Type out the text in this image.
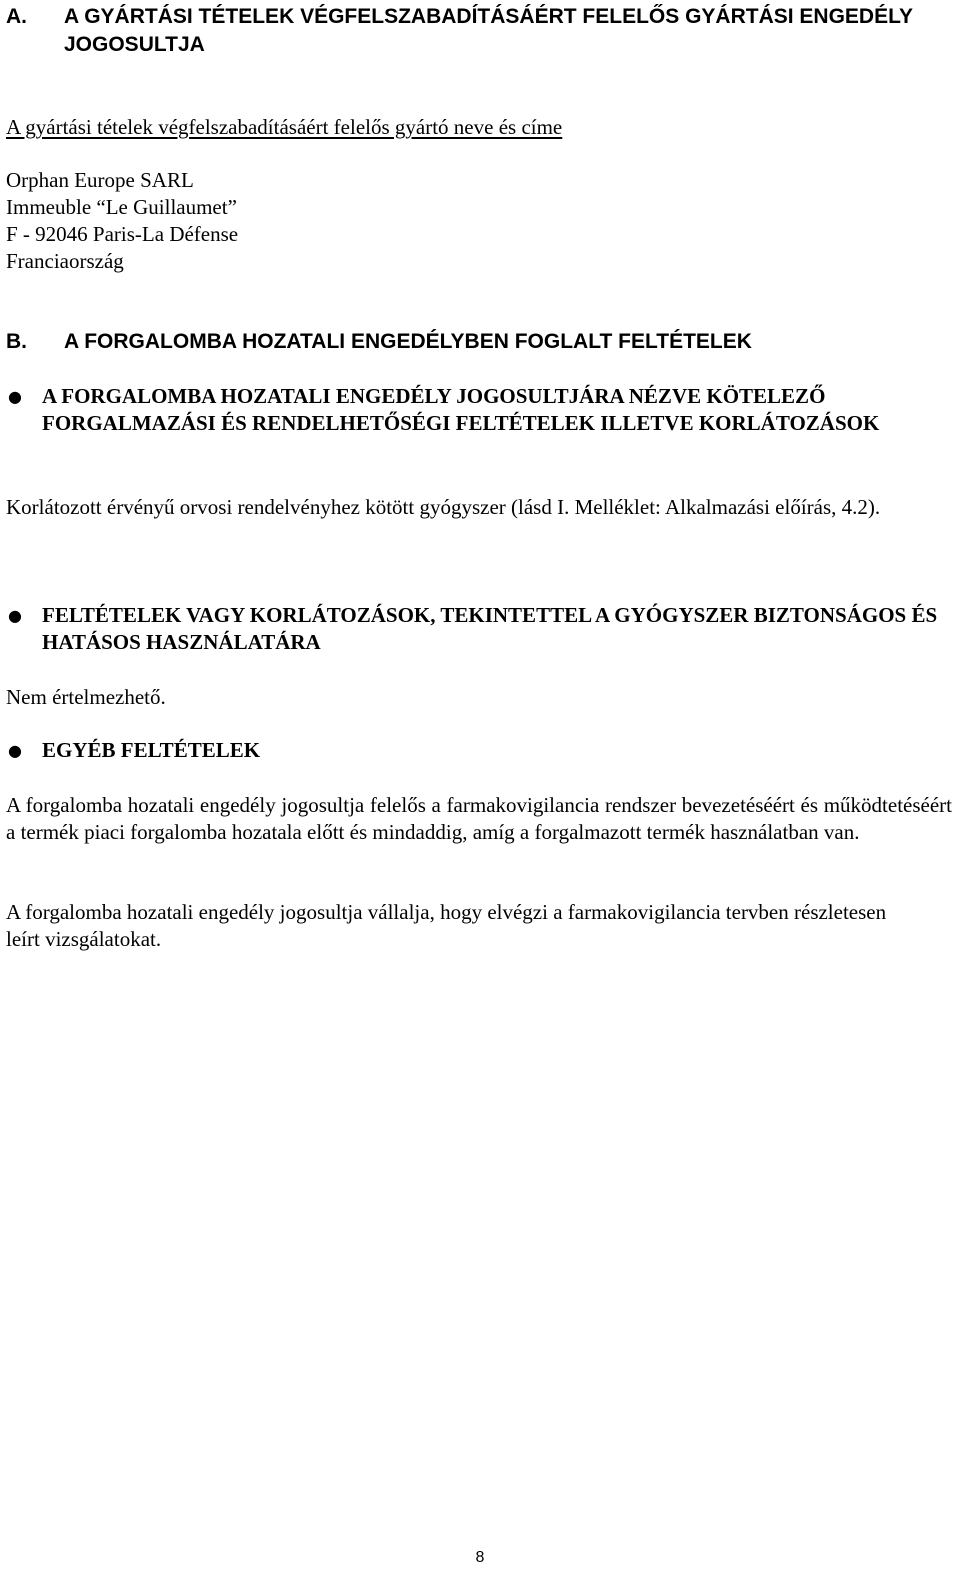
A. A GYÁRTÁSI TÉTELEK VÉGFELSZABADÍTÁSÁÉRT FELELŐS GYÁRTÁSI ENGEDÉLY JOGOSULTJA
A gyártási tételek végfelszabadításáért felelős gyártó neve és címe
Orphan Europe SARL
Immeuble “Le Guillaumet”
F - 92046 Paris-La Défense
Franciaország
B. A FORGALOMBA HOZATALI ENGEDÉLYBEN FOGLALT FELTÉTELEK
● A FORGALOMBA HOZATALI ENGEDÉLY JOGOSULTJÁRA NÉZVE KÖTELEZŐ FORGALMAZÁSI ÉS RENDELHETŐSÉGI FELTÉTELEK ILLETVE KORLÁTOZÁSOK
Korlátozott érvényű orvosi rendelvényhez kötött gyógyszer (lásd I. Melléklet: Alkalmazási előírás, 4.2).
● FELTÉTELEK VAGY KORLÁTOZÁSOK, TEKINTETTEL A GYÓGYSZER BIZTONSÁGOS ÉS HATÁSOS HASZNÁLATÁRA
Nem értelmezhető.
● EGYÉB FELTÉTELEK
A forgalomba hozatali engedély jogosultja felelős a farmakovigilancia rendszer bevezetéséért és működtetéséért a termék piaci forgalomba hozatala előtt és mindaddig, amíg a forgalmazott termék használatban van.
A forgalomba hozatali engedély jogosultja vállalja, hogy elvégzi a farmakovigilancia tervben részletesen leírt vizsgálatokat.
8
